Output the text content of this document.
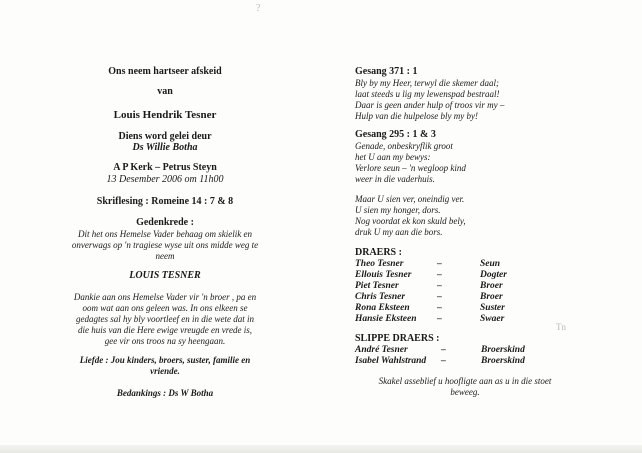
?
Tn
Ons neem hartseer afskeid
van
Louis Hendrik Tesner
Diens word gelei deur
Ds Willie Botha
A P Kerk – Petrus Steyn
13 Desember 2006 om 11h00
Skriflesing : Romeine 14 : 7 & 8
Gedenkrede :
Dit het ons Hemelse Vader behaag om skielik en
onverwags op 'n tragiese wyse uit ons midde weg te
neem
LOUIS TESNER
Dankie aan ons Hemelse Vader vir 'n broer , pa en
oom wat aan ons geleen was. In ons elkeen se
gedagtes sal hy bly voortleef en in die wete dat in
die huis van die Here ewige vreugde en vrede is,
gee vir ons troos na sy heengaan.
Liefde : Jou kinders, broers, suster, familie en
vriende.
Bedankings : Ds W Botha
Gesang 371 : 1
Bly by my Heer, terwyl die skemer daal;
laat steeds u lig my lewenspad bestraal!
Daar is geen ander hulp of troos vir my –
Hulp van die hulpelose bly my by!
Gesang 295 : 1 & 3
Genade, onbeskryflik groot
het U aan my bewys:
Verlore seun – 'n wegloop kind
weer in die vaderhuis.
Maar U sien ver, oneindig ver.
U sien my honger, dors.
Nog voordat ek kon skuld bely,
druk U my aan die bors.
DRAERS :
Theo Tesner	–	Seun
Ellouis Tesner	–	Dogter
Piet Tesner	–	Broer
Chris Tesner	–	Broer
Rona Eksteen	–	Suster
Hansie Eksteen –	Swaer
SLIPPE DRAERS :
André Tesner	–	Broerskind
Isabel Wahlstrand –	Broerskind
Skakel asseblief u hoofligte aan as u in die stoet
beweeg.
